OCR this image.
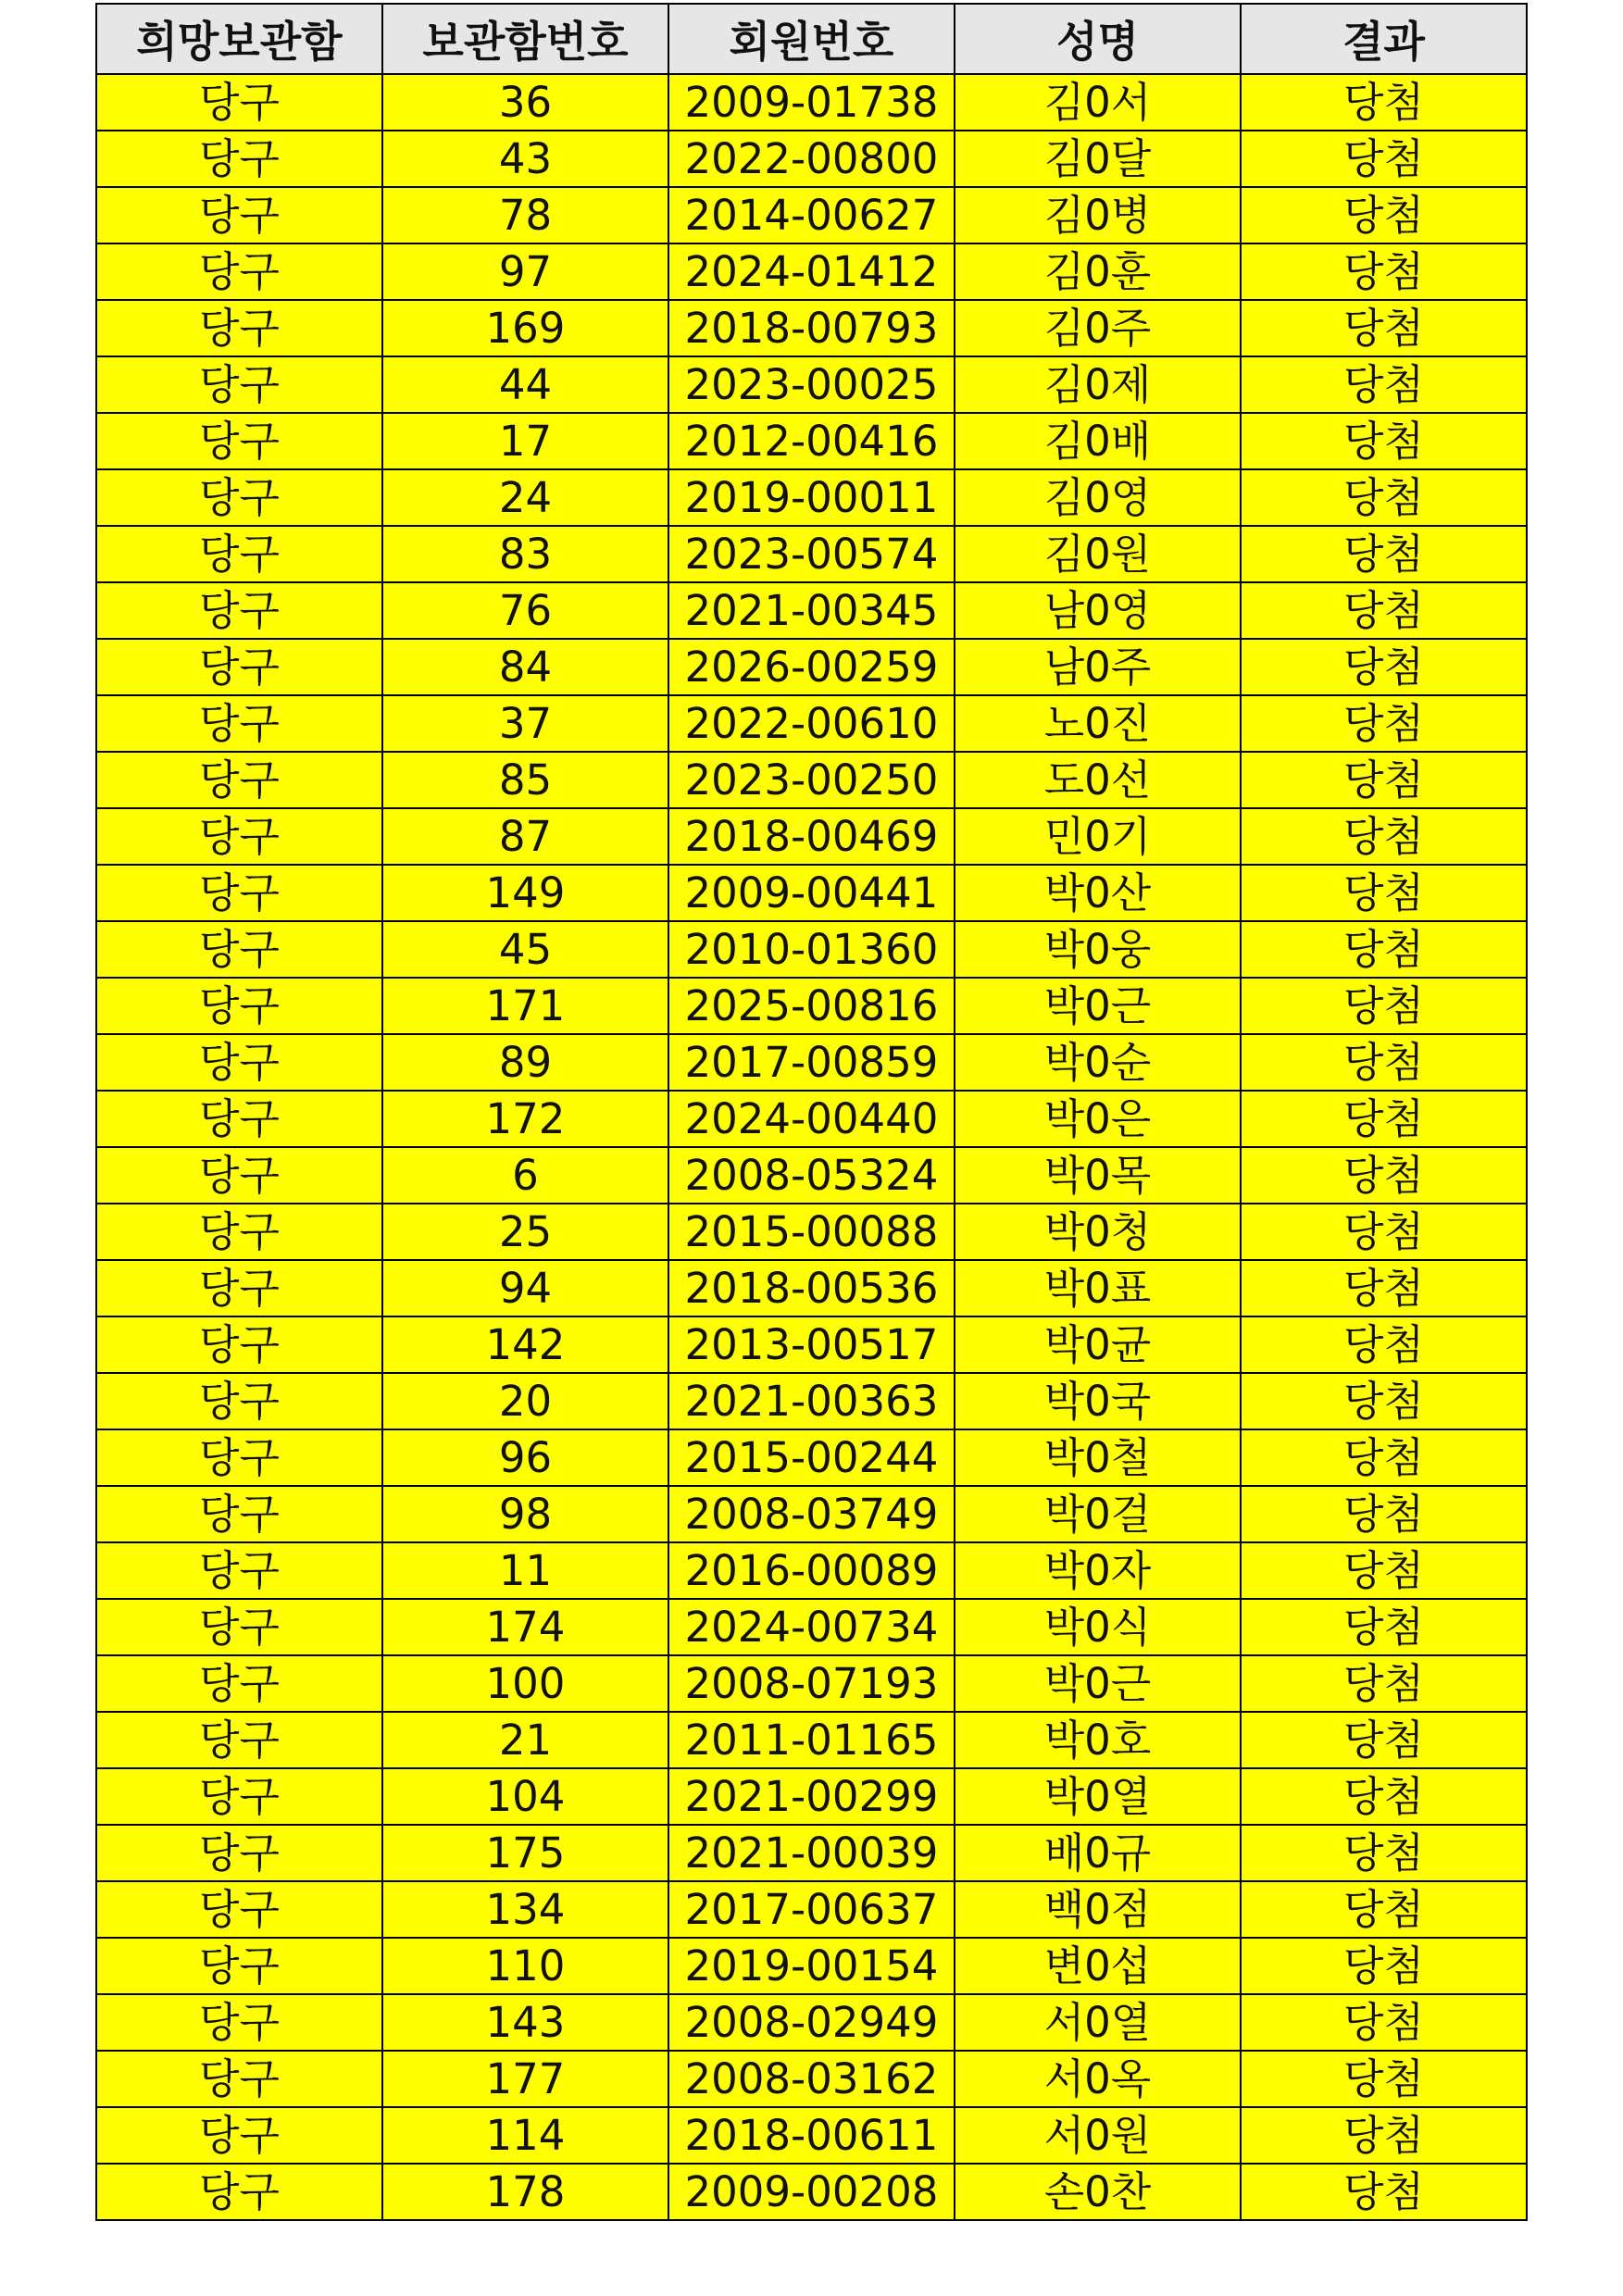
희망보관함	보관함번호	회원번호	성명	결과
당구	36	2009-01738	김0서	당첨
당구	43	2022-00800	김0달	당첨
당구	78	2014-00627	김0병	당첨
당구	97	2024-01412	김0훈	당첨
당구	169	2018-00793	김0주	당첨
당구	44	2023-00025	김0제	당첨
당구	17	2012-00416	김0배	당첨
당구	24	2019-00011	김0영	당첨
당구	83	2023-00574	김0원	당첨
당구	76	2021-00345	남0영	당첨
당구	84	2026-00259	남0주	당첨
당구	37	2022-00610	노0진	당첨
당구	85	2023-00250	도0선	당첨
당구	87	2018-00469	민0기	당첨
당구	149	2009-00441	박0산	당첨
당구	45	2010-01360	박0웅	당첨
당구	171	2025-00816	박0근	당첨
당구	89	2017-00859	박0순	당첨
당구	172	2024-00440	박0은	당첨
당구	6	2008-05324	박0목	당첨
당구	25	2015-00088	박0청	당첨
당구	94	2018-00536	박0표	당첨
당구	142	2013-00517	박0균	당첨
당구	20	2021-00363	박0국	당첨
당구	96	2015-00244	박0철	당첨
당구	98	2008-03749	박0걸	당첨
당구	11	2016-00089	박0자	당첨
당구	174	2024-00734	박0식	당첨
당구	100	2008-07193	박0근	당첨
당구	21	2011-01165	박0호	당첨
당구	104	2021-00299	박0열	당첨
당구	175	2021-00039	배0규	당첨
당구	134	2017-00637	백0점	당첨
당구	110	2019-00154	변0섭	당첨
당구	143	2008-02949	서0열	당첨
당구	177	2008-03162	서0옥	당첨
당구	114	2018-00611	서0원	당첨
당구	178	2009-00208	손0찬	당첨
